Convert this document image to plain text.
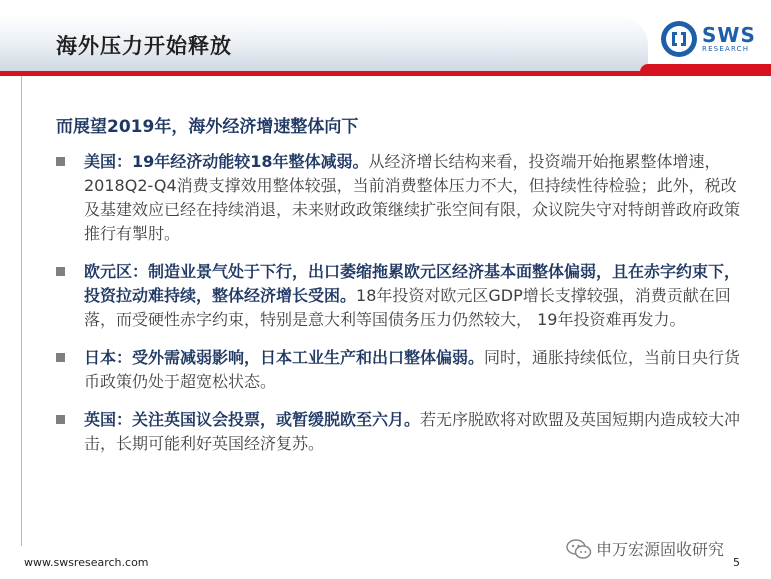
海外压力开始释放	SWS
RESEARCH
而展望2019年，海外经济增速整体向下
美国：19年经济动能较18年整体减弱。从经济增长结构来看，投资端开始拖累整体增速，2018Q2-Q4消费支撑效用整体较强，当前消费整体压力不大，但持续性待检验；此外，税改及基建效应已经在持续消退，未来财政政策继续扩张空间有限，众议院失守对特朗普政府政策推行有掣肘。
欧元区：制造业景气处于下行，出口萎缩拖累欧元区经济基本面整体偏弱，且在赤字约束下，投资拉动难持续，整体经济增长受困。18年投资对欧元区GDP增长支撑较强，消费贡献在回落，而受硬性赤字约束，特别是意大利等国债务压力仍然较大， 19年投资难再发力。
日本：受外需减弱影响，日本工业生产和出口整体偏弱。同时，通胀持续低位，当前日央行货币政策仍处于超宽松状态。
英国：关注英国议会投票，或暂缓脱欧至六月。若无序脱欧将对欧盟及英国短期内造成较大冲击，长期可能利好英国经济复苏。
www.swsresearch.com	5
申万宏源固收研究
